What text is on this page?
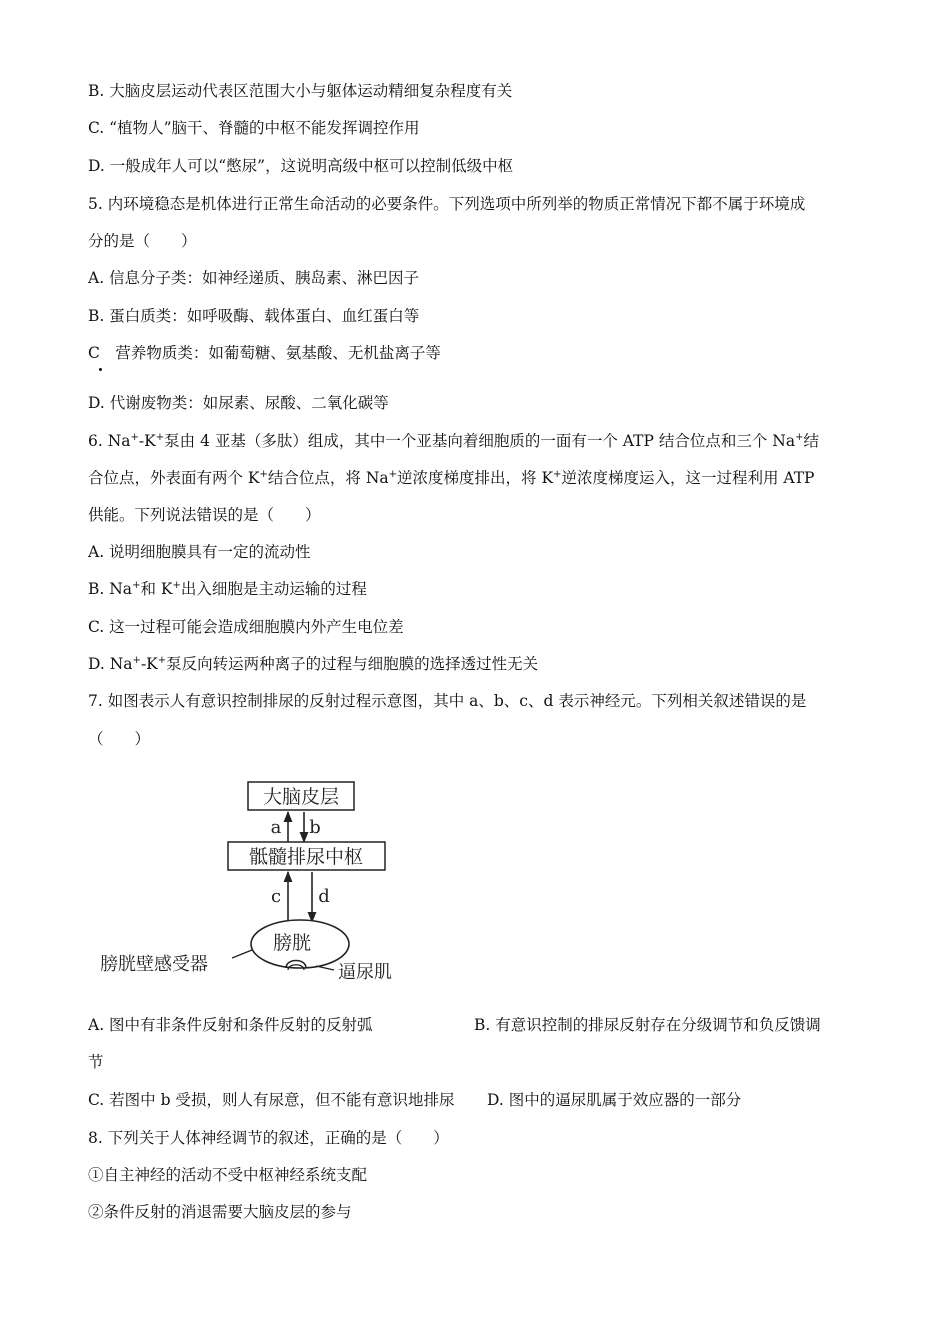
B. 大脑皮层运动代表区范围大小与躯体运动精细复杂程度有关
C. “植物人”脑干、脊髓的中枢不能发挥调控作用
D. 一般成年人可以“憋尿”，这说明高级中枢可以控制低级中枢
5. 内环境稳态是机体进行正常生命活动的必要条件。下列选项中所列举的物质正常情况下都不属于环境成
分的是（　　）
A. 信息分子类：如神经递质、胰岛素、淋巴因子
B. 蛋白质类：如呼吸酶、载体蛋白、血红蛋白等
C　营养物质类：如葡萄糖、氨基酸、无机盐离子等
D. 代谢废物类：如尿素、尿酸、二氧化碳等
6. Na+-K+泵由 4 亚基（多肽）组成，其中一个亚基向着细胞质的一面有一个 ATP 结合位点和三个 Na+结
合位点，外表面有两个 K+结合位点，将 Na+逆浓度梯度排出，将 K+逆浓度梯度运入，这一过程利用 ATP
供能。下列说法错误的是（　　）
A. 说明细胞膜具有一定的流动性
B. Na+和 K+出入细胞是主动运输的过程
C. 这一过程可能会造成细胞膜内外产生电位差
D. Na+-K+泵反向转运两种离子的过程与细胞膜的选择透过性无关
7. 如图表示人有意识控制排尿的反射过程示意图，其中 a、b、c、d 表示神经元。下列相关叙述错误的是
（　　）
大脑皮层
a b
骶髓排尿中枢
c d
膀胱
膀胱壁感受器	逼尿肌
A. 图中有非条件反射和条件反射的反射弧	B. 有意识控制的排尿反射存在分级调节和负反馈调
节
C. 若图中 b 受损，则人有尿意，但不能有意识地排尿 D. 图中的逼尿肌属于效应器的一部分
8. 下列关于人体神经调节的叙述，正确的是（　　）
①自主神经的活动不受中枢神经系统支配
②条件反射的消退需要大脑皮层的参与
